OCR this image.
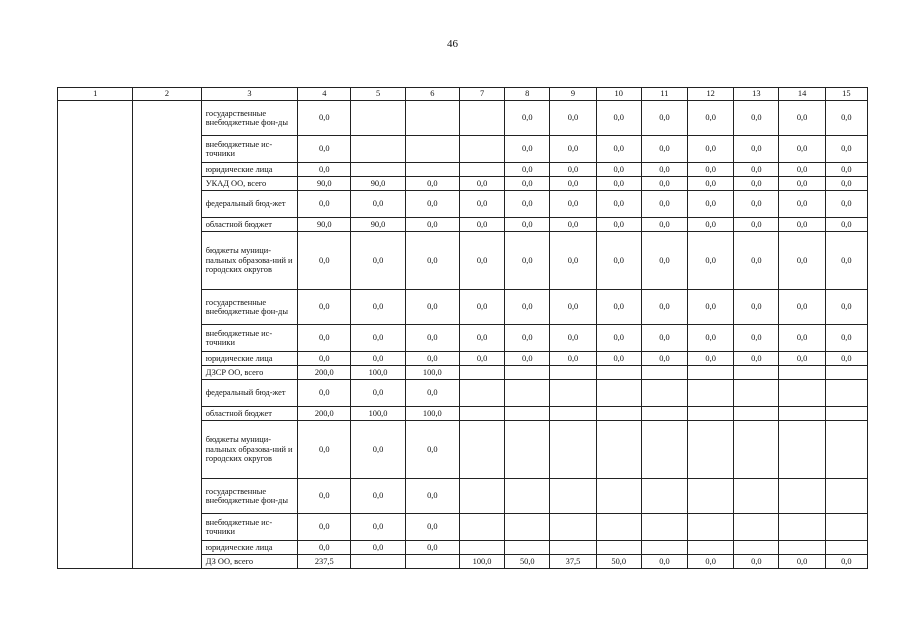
46
1	2	3	4	5	6	7	8	9	10	11	12	13	14	15
		государственные внебюджетные фон-ды	0,0				0,0	0,0	0,0	0,0	0,0	0,0	0,0	0,0
		внебюджетные ис-точники	0,0				0,0	0,0	0,0	0,0	0,0	0,0	0,0	0,0
		юридические лица	0,0				0,0	0,0	0,0	0,0	0,0	0,0	0,0	0,0
		УКАД ОО, всего	90,0	90,0	0,0	0,0	0,0	0,0	0,0	0,0	0,0	0,0	0,0	0,0
		федеральный бюд-жет	0,0	0,0	0,0	0,0	0,0	0,0	0,0	0,0	0,0	0,0	0,0	0,0
		областной бюджет	90,0	90,0	0,0	0,0	0,0	0,0	0,0	0,0	0,0	0,0	0,0	0,0
		бюджеты муници-пальных образова-ний и городских округов	0,0	0,0	0,0	0,0	0,0	0,0	0,0	0,0	0,0	0,0	0,0	0,0
		государственные внебюджетные фон-ды	0,0	0,0	0,0	0,0	0,0	0,0	0,0	0,0	0,0	0,0	0,0	0,0
		внебюджетные ис-точники	0,0	0,0	0,0	0,0	0,0	0,0	0,0	0,0	0,0	0,0	0,0	0,0
		юридические лица	0,0	0,0	0,0	0,0	0,0	0,0	0,0	0,0	0,0	0,0	0,0	0,0
		ДЗСР ОО, всего	200,0	100,0	100,0									
		федеральный бюд-жет	0,0	0,0	0,0									
		областной бюджет	200,0	100,0	100,0									
		бюджеты муници-пальных образова-ний и городских округов	0,0	0,0	0,0									
		государственные внебюджетные фон-ды	0,0	0,0	0,0									
		внебюджетные ис-точники	0,0	0,0	0,0									
		юридические лица	0,0	0,0	0,0									
		ДЗ ОО, всего	237,5			100,0	50,0	37,5	50,0	0,0	0,0	0,0	0,0	0,0
